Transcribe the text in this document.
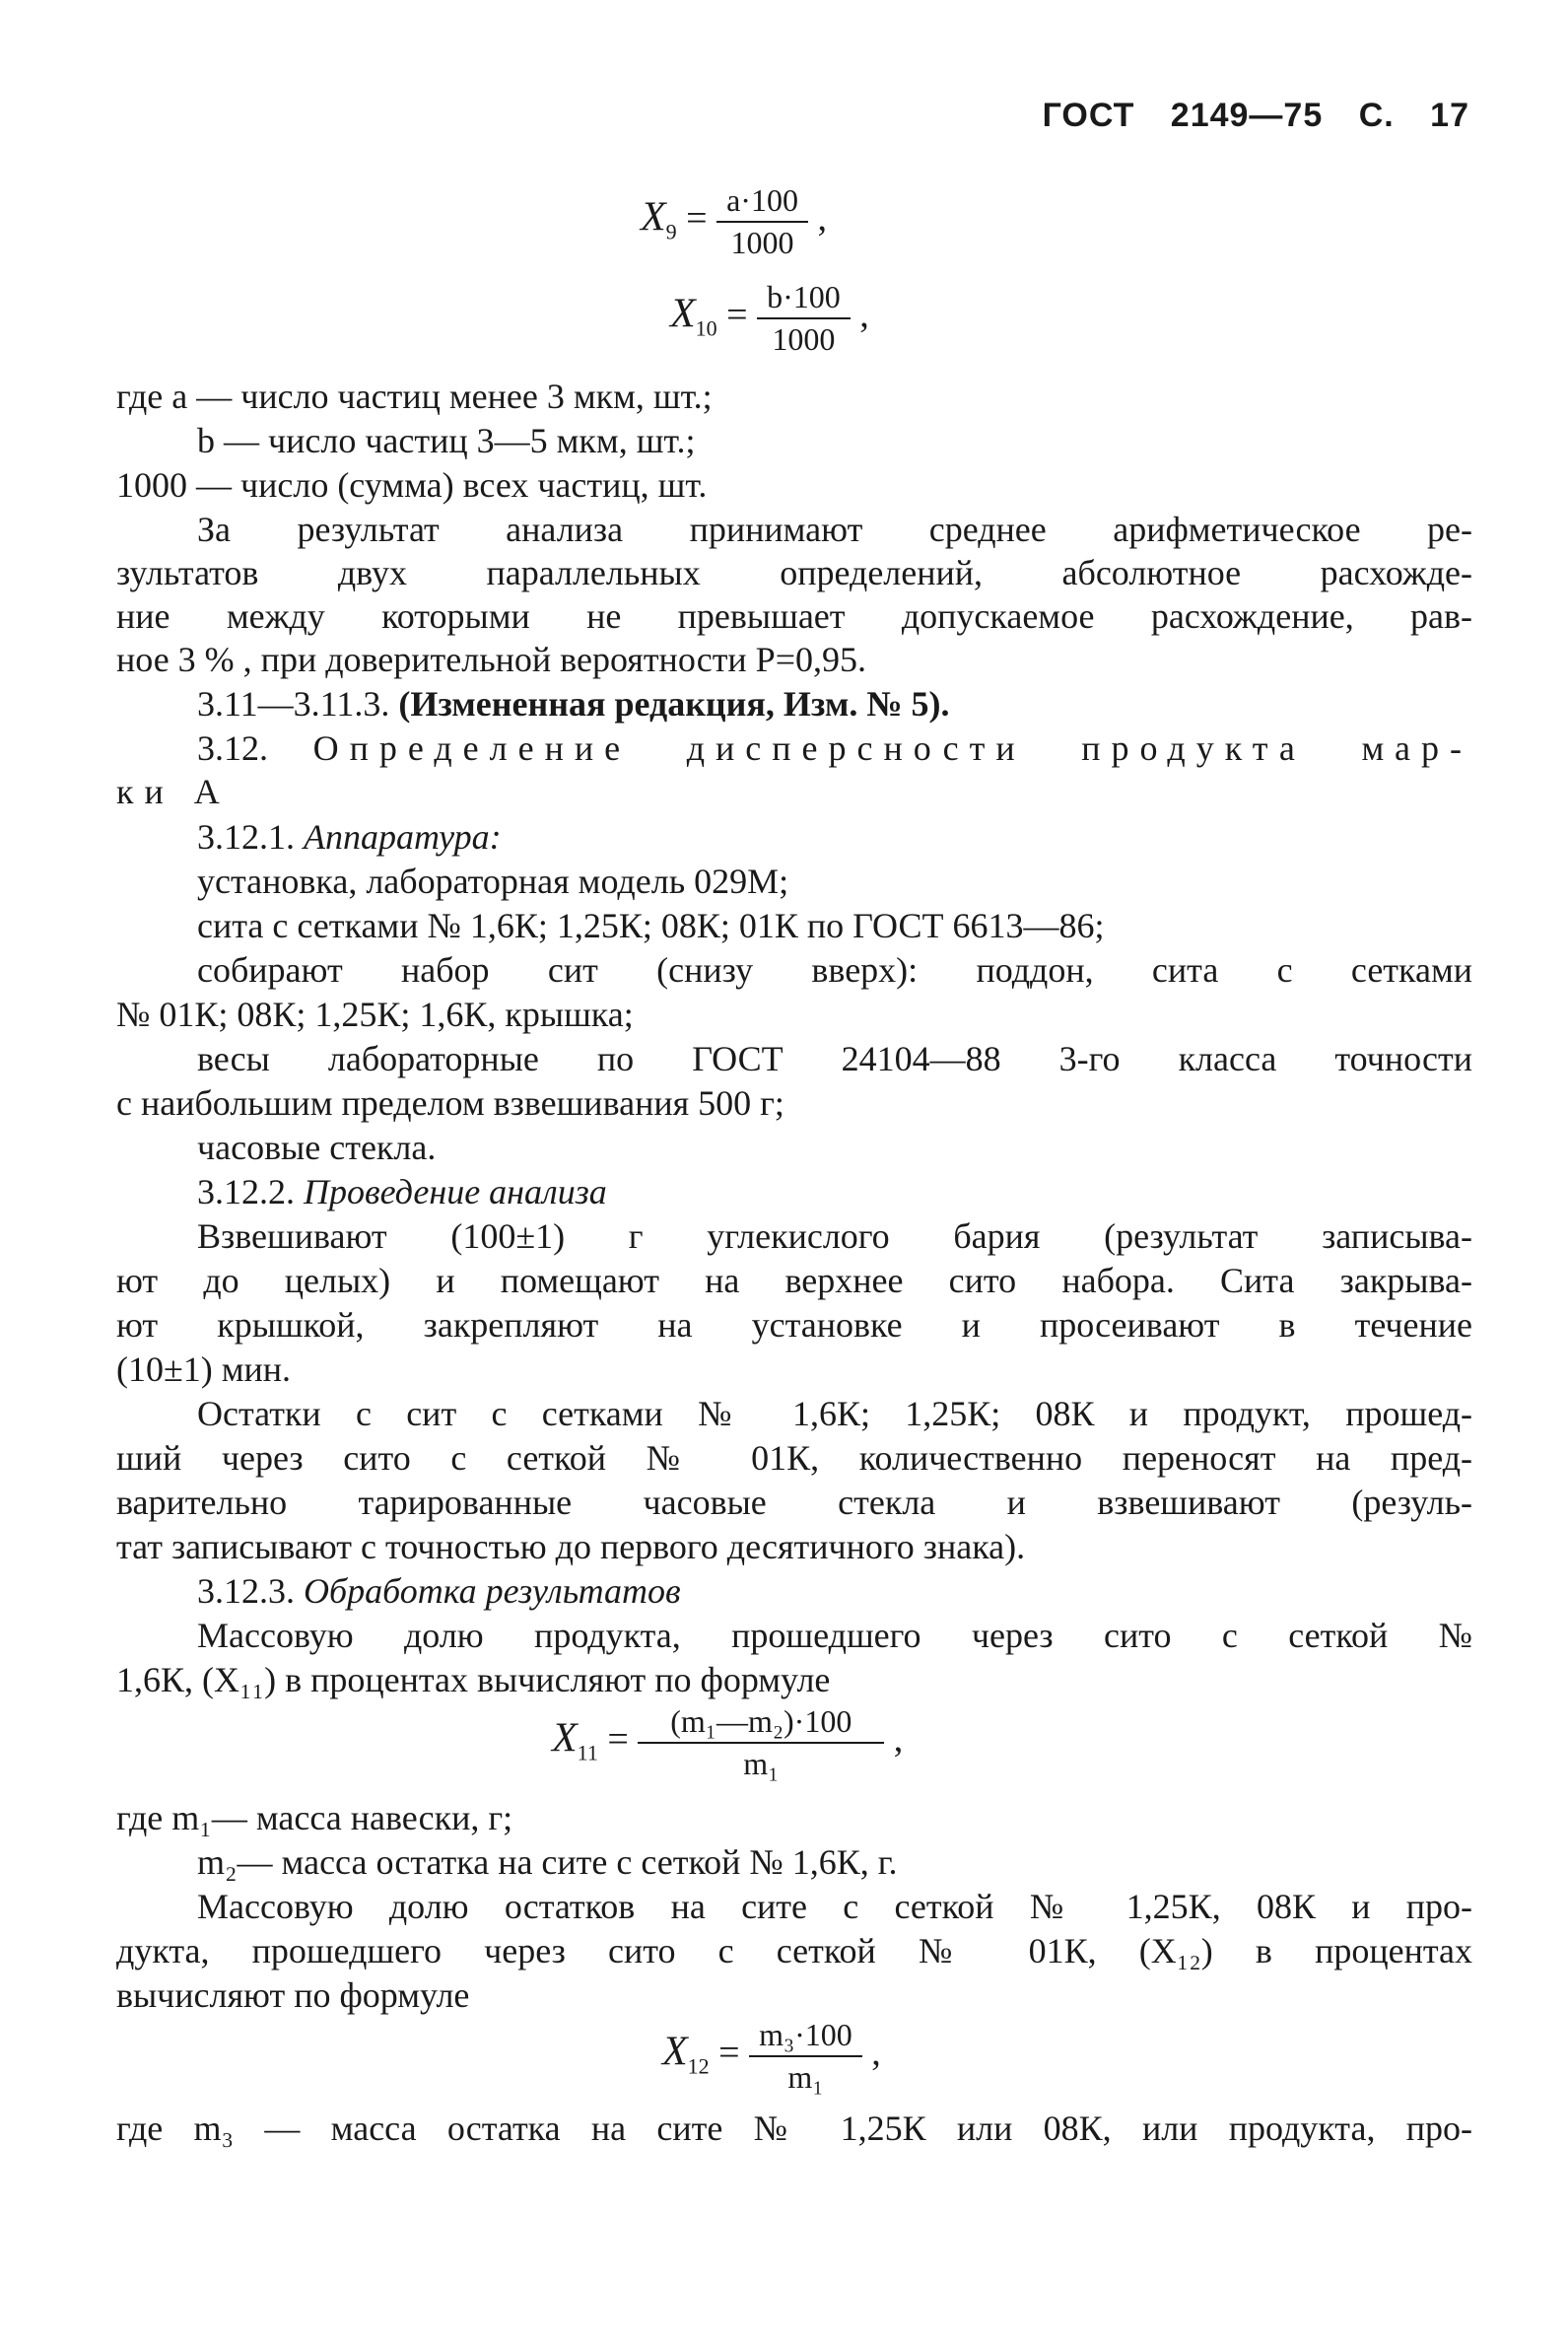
ГОСТ 2149—75 С. 17
$X_9 = \frac{a\cdot 100}{1000}$ ,
$X_{10} = \frac{b\cdot 100}{1000}$ ,
где a — число частиц менее 3 мкм, шт.;
b — число частиц 3—5 мкм, шт.;
1000 — число (сумма) всех частиц, шт.
За результат анализа принимают среднее арифметическое ре-
зультатов двух параллельных определений, абсолютное расхожде-
ние между которыми не превышает допускаемое расхождение, рав-
ное 3 % , при доверительной вероятности P=0,95.
3.11—3.11.3. (Измененная редакция, Изм. № 5).
3.12. Определение дисперсности продукта мар-
ки А
3.12.1. Аппаратура:
установка, лабораторная модель 029М;
сита с сетками № 1,6К; 1,25К; 08К; 01К по ГОСТ 6613—86;
собирают набор сит (снизу вверх): поддон, сита с сетками
№ 01К; 08К; 1,25К; 1,6К, крышка;
весы лабораторные по ГОСТ 24104—88 3-го класса точности
с наибольшим пределом взвешивания 500 г;
часовые стекла.
3.12.2. Проведение анализа
Взвешивают (100±1) г углекислого бария (результат записыва-
ют до целых) и помещают на верхнее сито набора. Сита закрыва-
ют крышкой, закрепляют на установке и просеивают в течение
(10±1) мин.
Остатки с сит с сетками № 1,6К; 1,25К; 08К и продукт, прошед-
ший через сито с сеткой № 01К, количественно переносят на пред-
варительно тарированные часовые стекла и взвешивают (резуль-
тат записывают с точностью до первого десятичного знака).
3.12.3. Обработка результатов
Массовую долю продукта, прошедшего через сито с сеткой №
1,6К, (X₁₁) в процентах вычисляют по формуле
где m₁— масса навески, г;
m₂— масса остатка на сите с сеткой № 1,6К, г.
Массовую долю остатков на сите с сеткой № 1,25К, 08К и про-
дукта, прошедшего через сито с сеткой № 01К, (X₁₂) в процентах
вычисляют по формуле
где m₃ — масса остатка на сите № 1,25К или 08К, или продукта, про-
$X_{11} = \frac{\text{(m₁—m₂)·100}}{\text{m₁}}$ ,
$X_{12} = \frac{\text{m₃·100}}{\text{m₁}}$ ,
